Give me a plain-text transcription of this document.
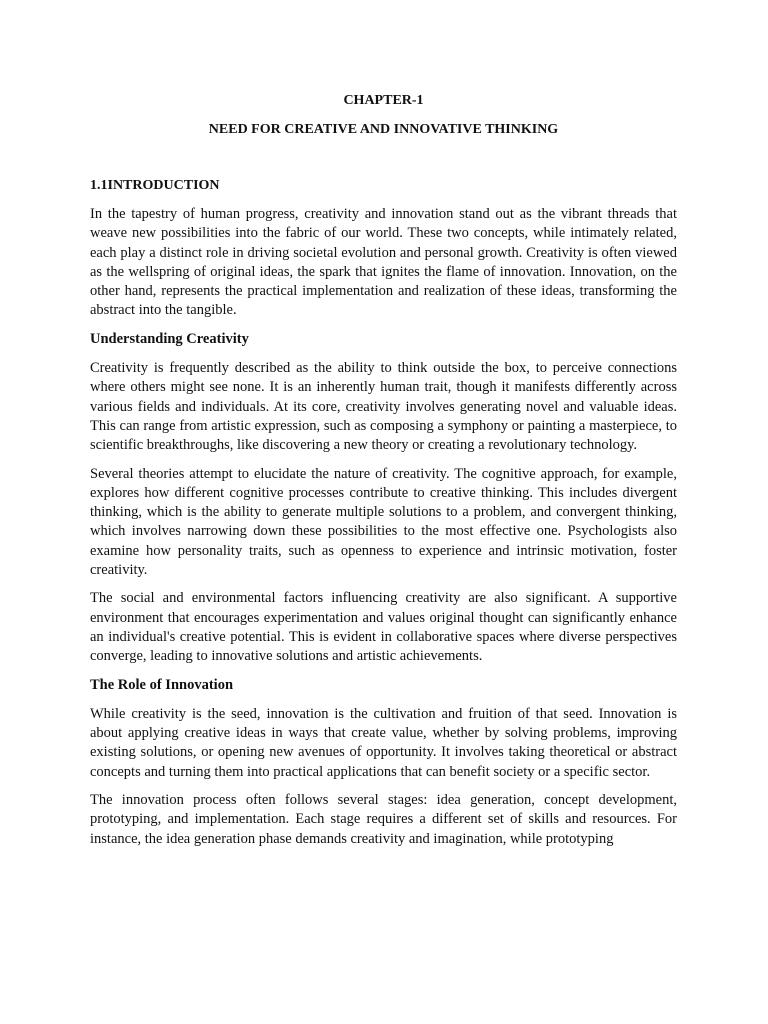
CHAPTER-1
NEED FOR CREATIVE AND INNOVATIVE THINKING
1.1INTRODUCTION

In the tapestry of human progress, creativity and innovation stand out as the vibrant threads that weave new possibilities into the fabric of our world. These two concepts, while intimately related, each play a distinct role in driving societal evolution and personal growth. Creativity is often viewed as the wellspring of original ideas, the spark that ignites the flame of innovation. Innovation, on the other hand, represents the practical implementation and realization of these ideas, transforming the abstract into the tangible.

Understanding Creativity

Creativity is frequently described as the ability to think outside the box, to perceive connections where others might see none. It is an inherently human trait, though it manifests differently across various fields and individuals. At its core, creativity involves generating novel and valuable ideas. This can range from artistic expression, such as composing a symphony or painting a masterpiece, to scientific breakthroughs, like discovering a new theory or creating a revolutionary technology.

Several theories attempt to elucidate the nature of creativity. The cognitive approach, for example, explores how different cognitive processes contribute to creative thinking. This includes divergent thinking, which is the ability to generate multiple solutions to a problem, and convergent thinking, which involves narrowing down these possibilities to the most effective one. Psychologists also examine how personality traits, such as openness to experience and intrinsic motivation, foster creativity.

The social and environmental factors influencing creativity are also significant. A supportive environment that encourages experimentation and values original thought can significantly enhance an individual's creative potential. This is evident in collaborative spaces where diverse perspectives converge, leading to innovative solutions and artistic achievements.

The Role of Innovation

While creativity is the seed, innovation is the cultivation and fruition of that seed. Innovation is about applying creative ideas in ways that create value, whether by solving problems, improving existing solutions, or opening new avenues of opportunity. It involves taking theoretical or abstract concepts and turning them into practical applications that can benefit society or a specific sector.

The innovation process often follows several stages: idea generation, concept development, prototyping, and implementation. Each stage requires a different set of skills and resources. For instance, the idea generation phase demands creativity and imagination, while prototyping
